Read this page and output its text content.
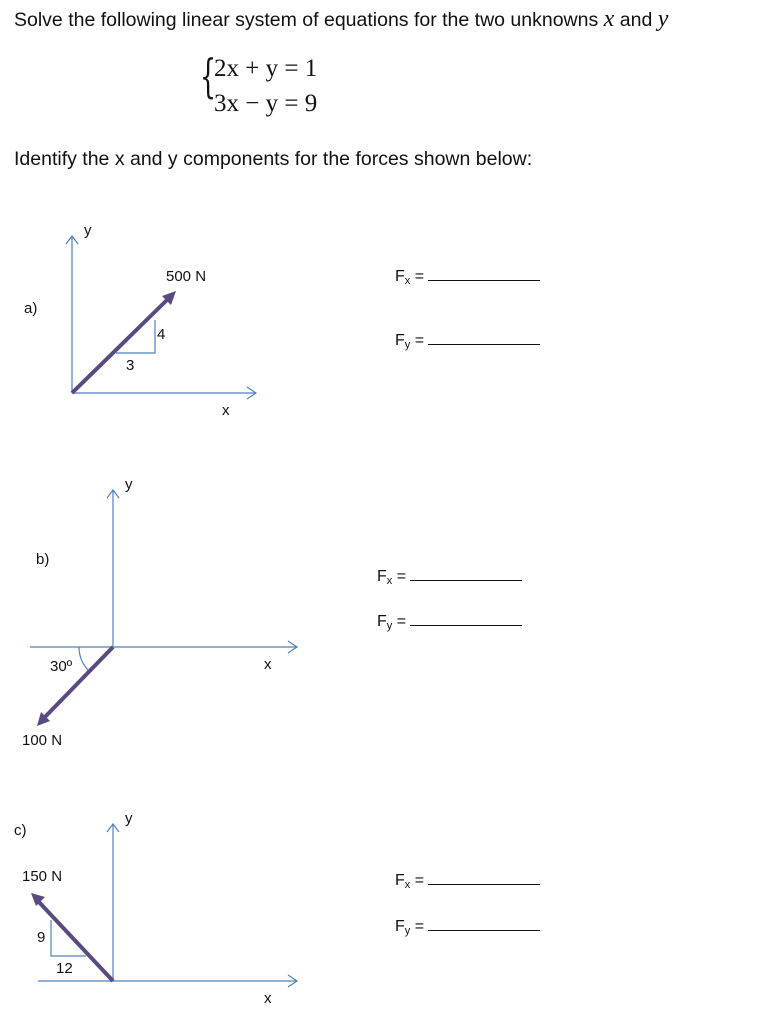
Solve the following linear system of equations for the two unknowns x and y
{
2x + y = 1
3x − y = 9
Identify the x and y components for the forces shown below:
a)
y
x
500 N
3
4
$F_x$ =
$F_y$ =
b)
y
x
30º
100 N
$F_x$ =
$F_y$ =
c)
y
x
150 N
9
12
$F_x$ =
$F_y$ =
